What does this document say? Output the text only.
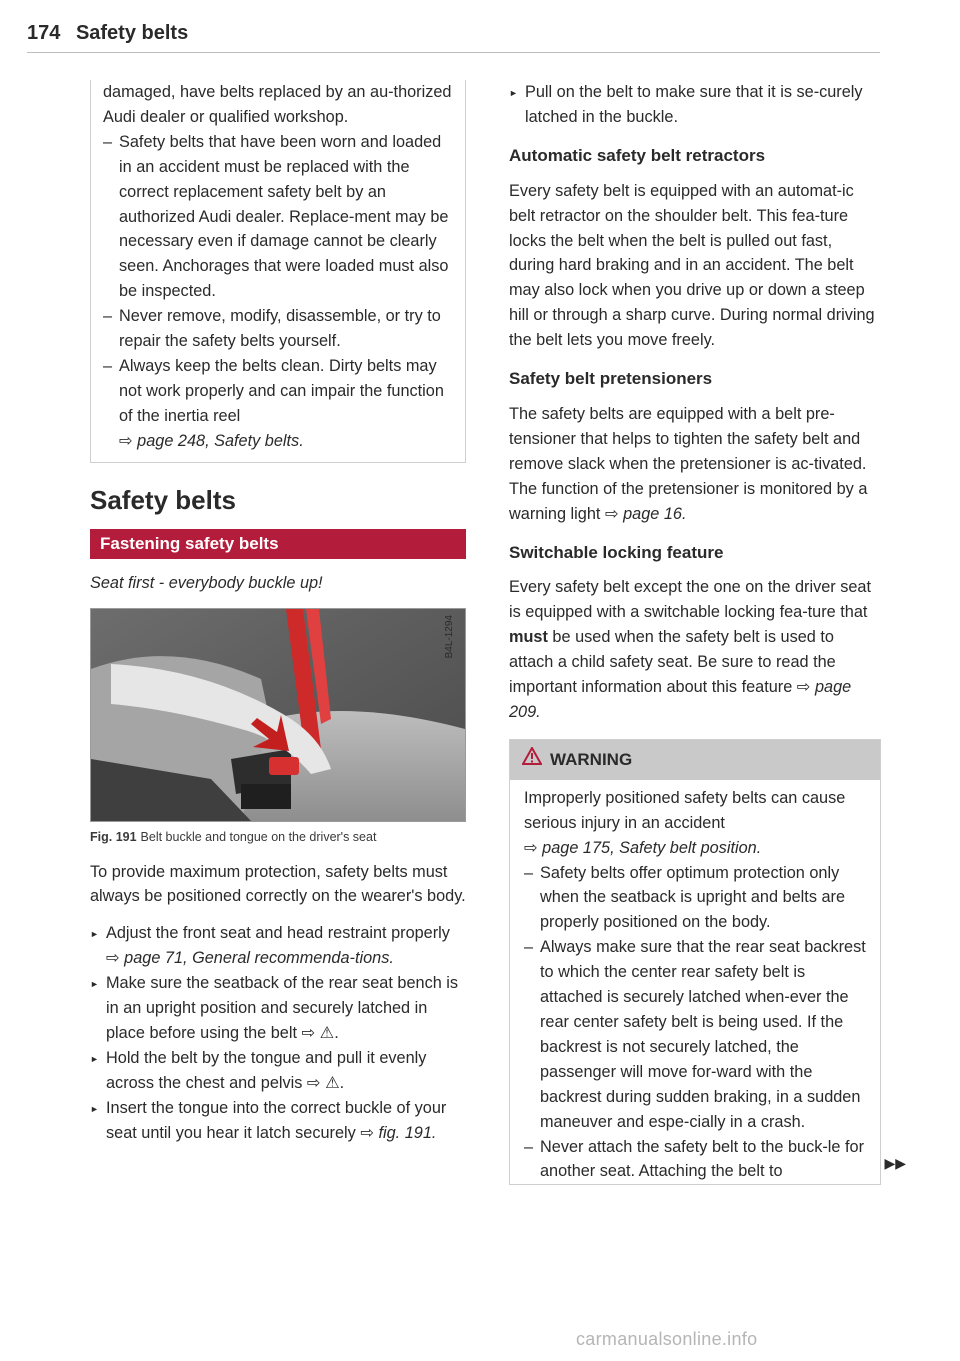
174 Safety belts

damaged, have belts replaced by an au-thorized Audi dealer or qualified workshop.

– Safety belts that have been worn and loaded in an accident must be replaced with the correct replacement safety belt by an authorized Audi dealer. Replace-ment may be necessary even if damage cannot be clearly seen. Anchorages that were loaded must also be inspected.
– Never remove, modify, disassemble, or try to repair the safety belts yourself.
– Always keep the belts clean. Dirty belts may not work properly and can impair the function of the inertia reel
⇨ page 248, Safety belts.
Safety belts
Fastening safety belts
Seat first - everybody buckle up!
B4L-1294
Fig. 191 Belt buckle and tongue on the driver's seat

To provide maximum protection, safety belts must always be positioned correctly on the wearer's body.

► Adjust the front seat and head restraint properly ⇨ page 71, General recommenda-tions.
► Make sure the seatback of the rear seat bench is in an upright position and securely latched in place before using the belt ⇨ ⚠.
► Hold the belt by the tongue and pull it evenly across the chest and pelvis ⇨ ⚠.
► Insert the tongue into the correct buckle of your seat until you hear it latch securely ⇨ fig. 191.
► Pull on the belt to make sure that it is se-curely latched in the buckle.
Automatic safety belt retractors

Every safety belt is equipped with an automat-ic belt retractor on the shoulder belt. This fea-ture locks the belt when the belt is pulled out fast, during hard braking and in an accident. The belt may also lock when you drive up or down a steep hill or through a sharp curve. During normal driving the belt lets you move freely.

Safety belt pretensioners

The safety belts are equipped with a belt pre-tensioner that helps to tighten the safety belt and remove slack when the pretensioner is ac-tivated. The function of the pretensioner is monitored by a warning light ⇨ page 16.

Switchable locking feature

Every safety belt except the one on the driver seat is equipped with a switchable locking fea-ture that must be used when the safety belt is used to attach a child safety seat. Be sure to read the important information about this feature ⇨ page 209.

WARNING

Improperly positioned safety belts can cause serious injury in an accident

⇨ page 175, Safety belt position.

– Safety belts offer optimum protection only when the seatback is upright and belts are properly positioned on the body.
– Always make sure that the rear seat backrest to which the center rear safety belt is attached is securely latched when-ever the rear center safety belt is being used. If the backrest is not securely latched, the passenger will move for-ward with the backrest during sudden braking, in a sudden maneuver and espe-cially in a crash.
– Never attach the safety belt to the buck-le for another seat. Attaching the belt to	▶▶
carmanualsonline.info
